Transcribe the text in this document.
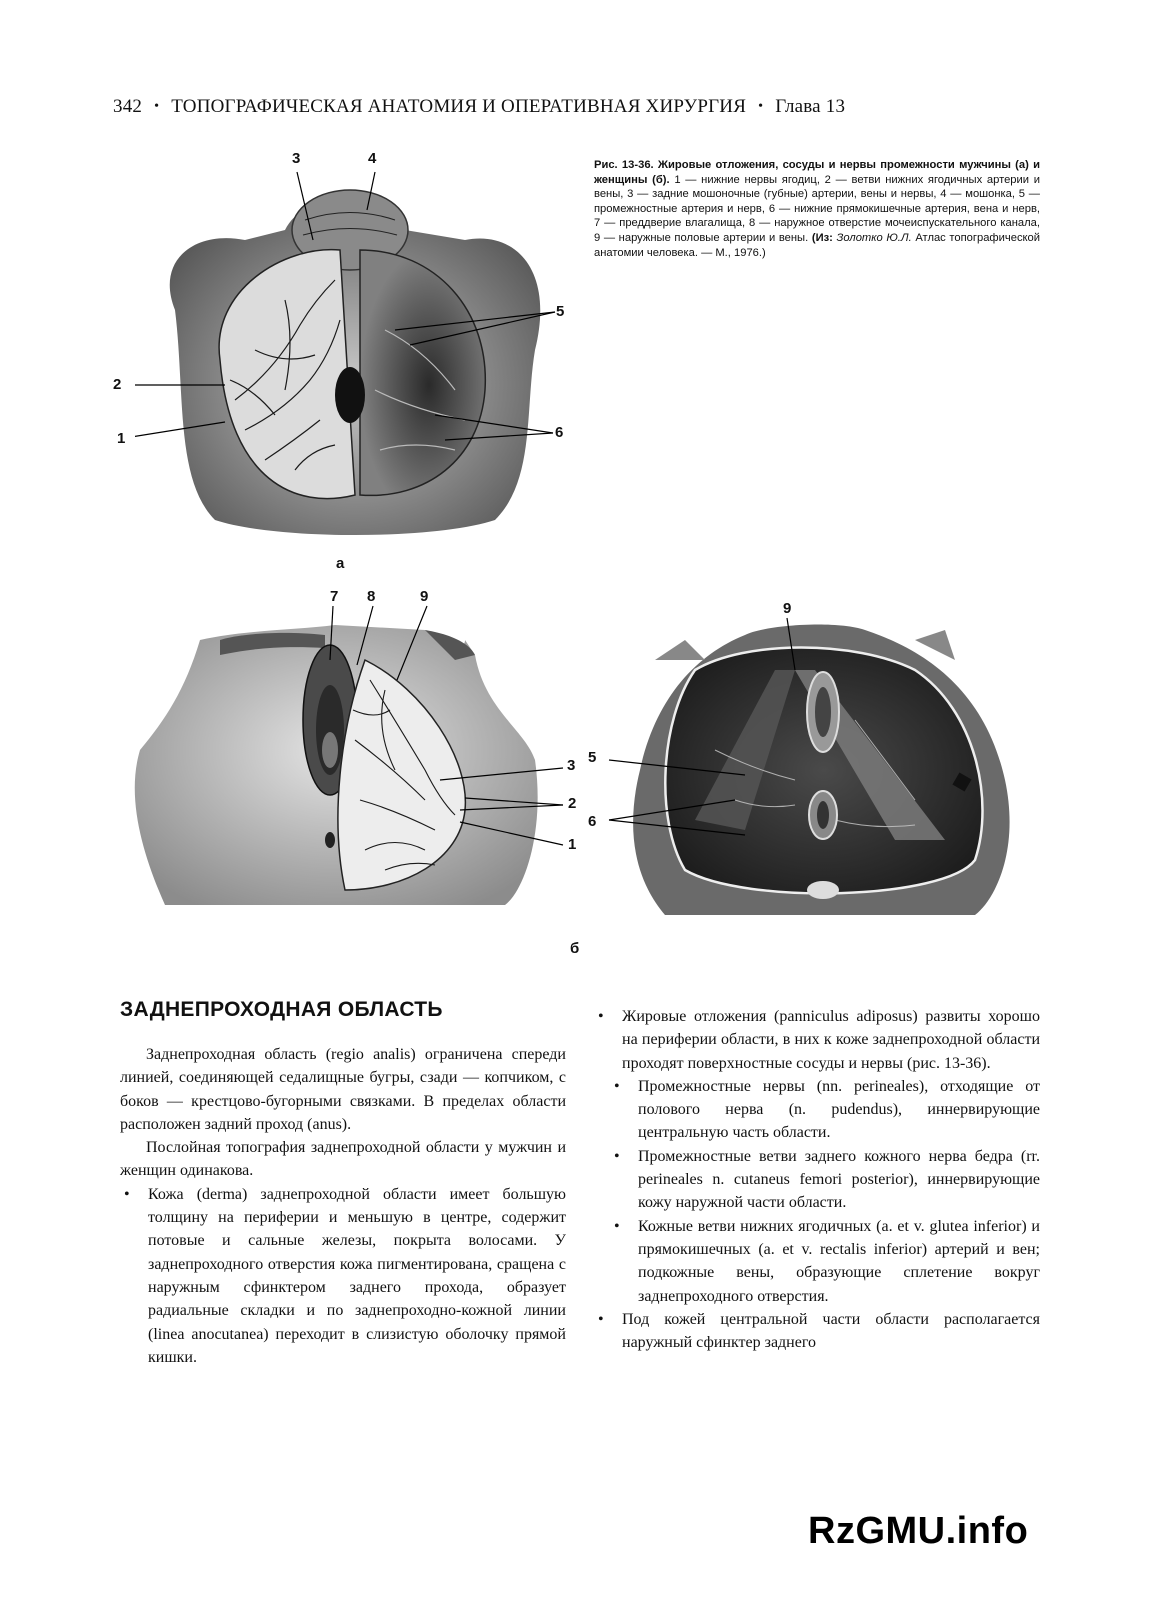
342 • ТОПОГРАФИЧЕСКАЯ АНАТОМИЯ И ОПЕРАТИВНАЯ ХИРУРГИЯ • Глава 13
Рис. 13-36. Жировые отложения, сосуды и нервы промежности мужчины (а) и женщины (б). 1 — нижние нервы ягодиц, 2 — ветви нижних ягодичных артерии и вены, 3 — задние мошоночные (губные) артерии, вены и нервы, 4 — мошонка, 5 — промежностные артерия и нерв, 6 — нижние прямокишечные артерия, вена и нерв, 7 — преддверие влагалища, 8 — наружное отверстие мочеиспускательного канала, 9 — наружные половые артерии и вены. (Из: Золотко Ю.Л. Атлас топографической анатомии человека. — М., 1976.)
3	4
5
2
1	6
а
7 8	9
3
2
1
9
5
6
б
ЗАДНЕПРОХОДНАЯ ОБЛАСТЬ

Заднепроходная область (regio analis) ограничена спереди линией, соединяющей седалищные бугры, сзади — копчиком, с боков — крестцово-бугорными связками. В пределах области расположен задний проход (anus).

Послойная топография заднепроходной области у мужчин и женщин одинакова.

• Кожа (derma) заднепроходной области имеет большую толщину на периферии и меньшую в центре, содержит потовые и сальные железы, покрыта волосами. У заднепроходного отверстия кожа пигментирована, сращена с наружным сфинктером заднего прохода, образует радиальные складки и по заднепроходно-кожной линии (linea anocutanea) переходит в слизистую оболочку прямой кишки.
• Жировые отложения (panniculus adiposus) развиты хорошо на периферии области, в них к коже заднепроходной области проходят поверхностные сосуды и нервы (рис. 13-36).
• Промежностные нервы (nn. perineales), отходящие от полового нерва (n. pudendus), иннервирующие центральную часть области.
• Промежностные ветви заднего кожного нерва бедра (rr. perineales n. cutaneus femori posterior), иннервирующие кожу наружной части области.
• Кожные ветви нижних ягодичных (a. et v. glutea inferior) и прямокишечных (a. et v. rectalis inferior) артерий и вен; подкожные вены, образующие сплетение вокруг заднепроходного отверстия.
• Под кожей центральной части области располагается наружный сфинктер заднего
RzGMU.info
